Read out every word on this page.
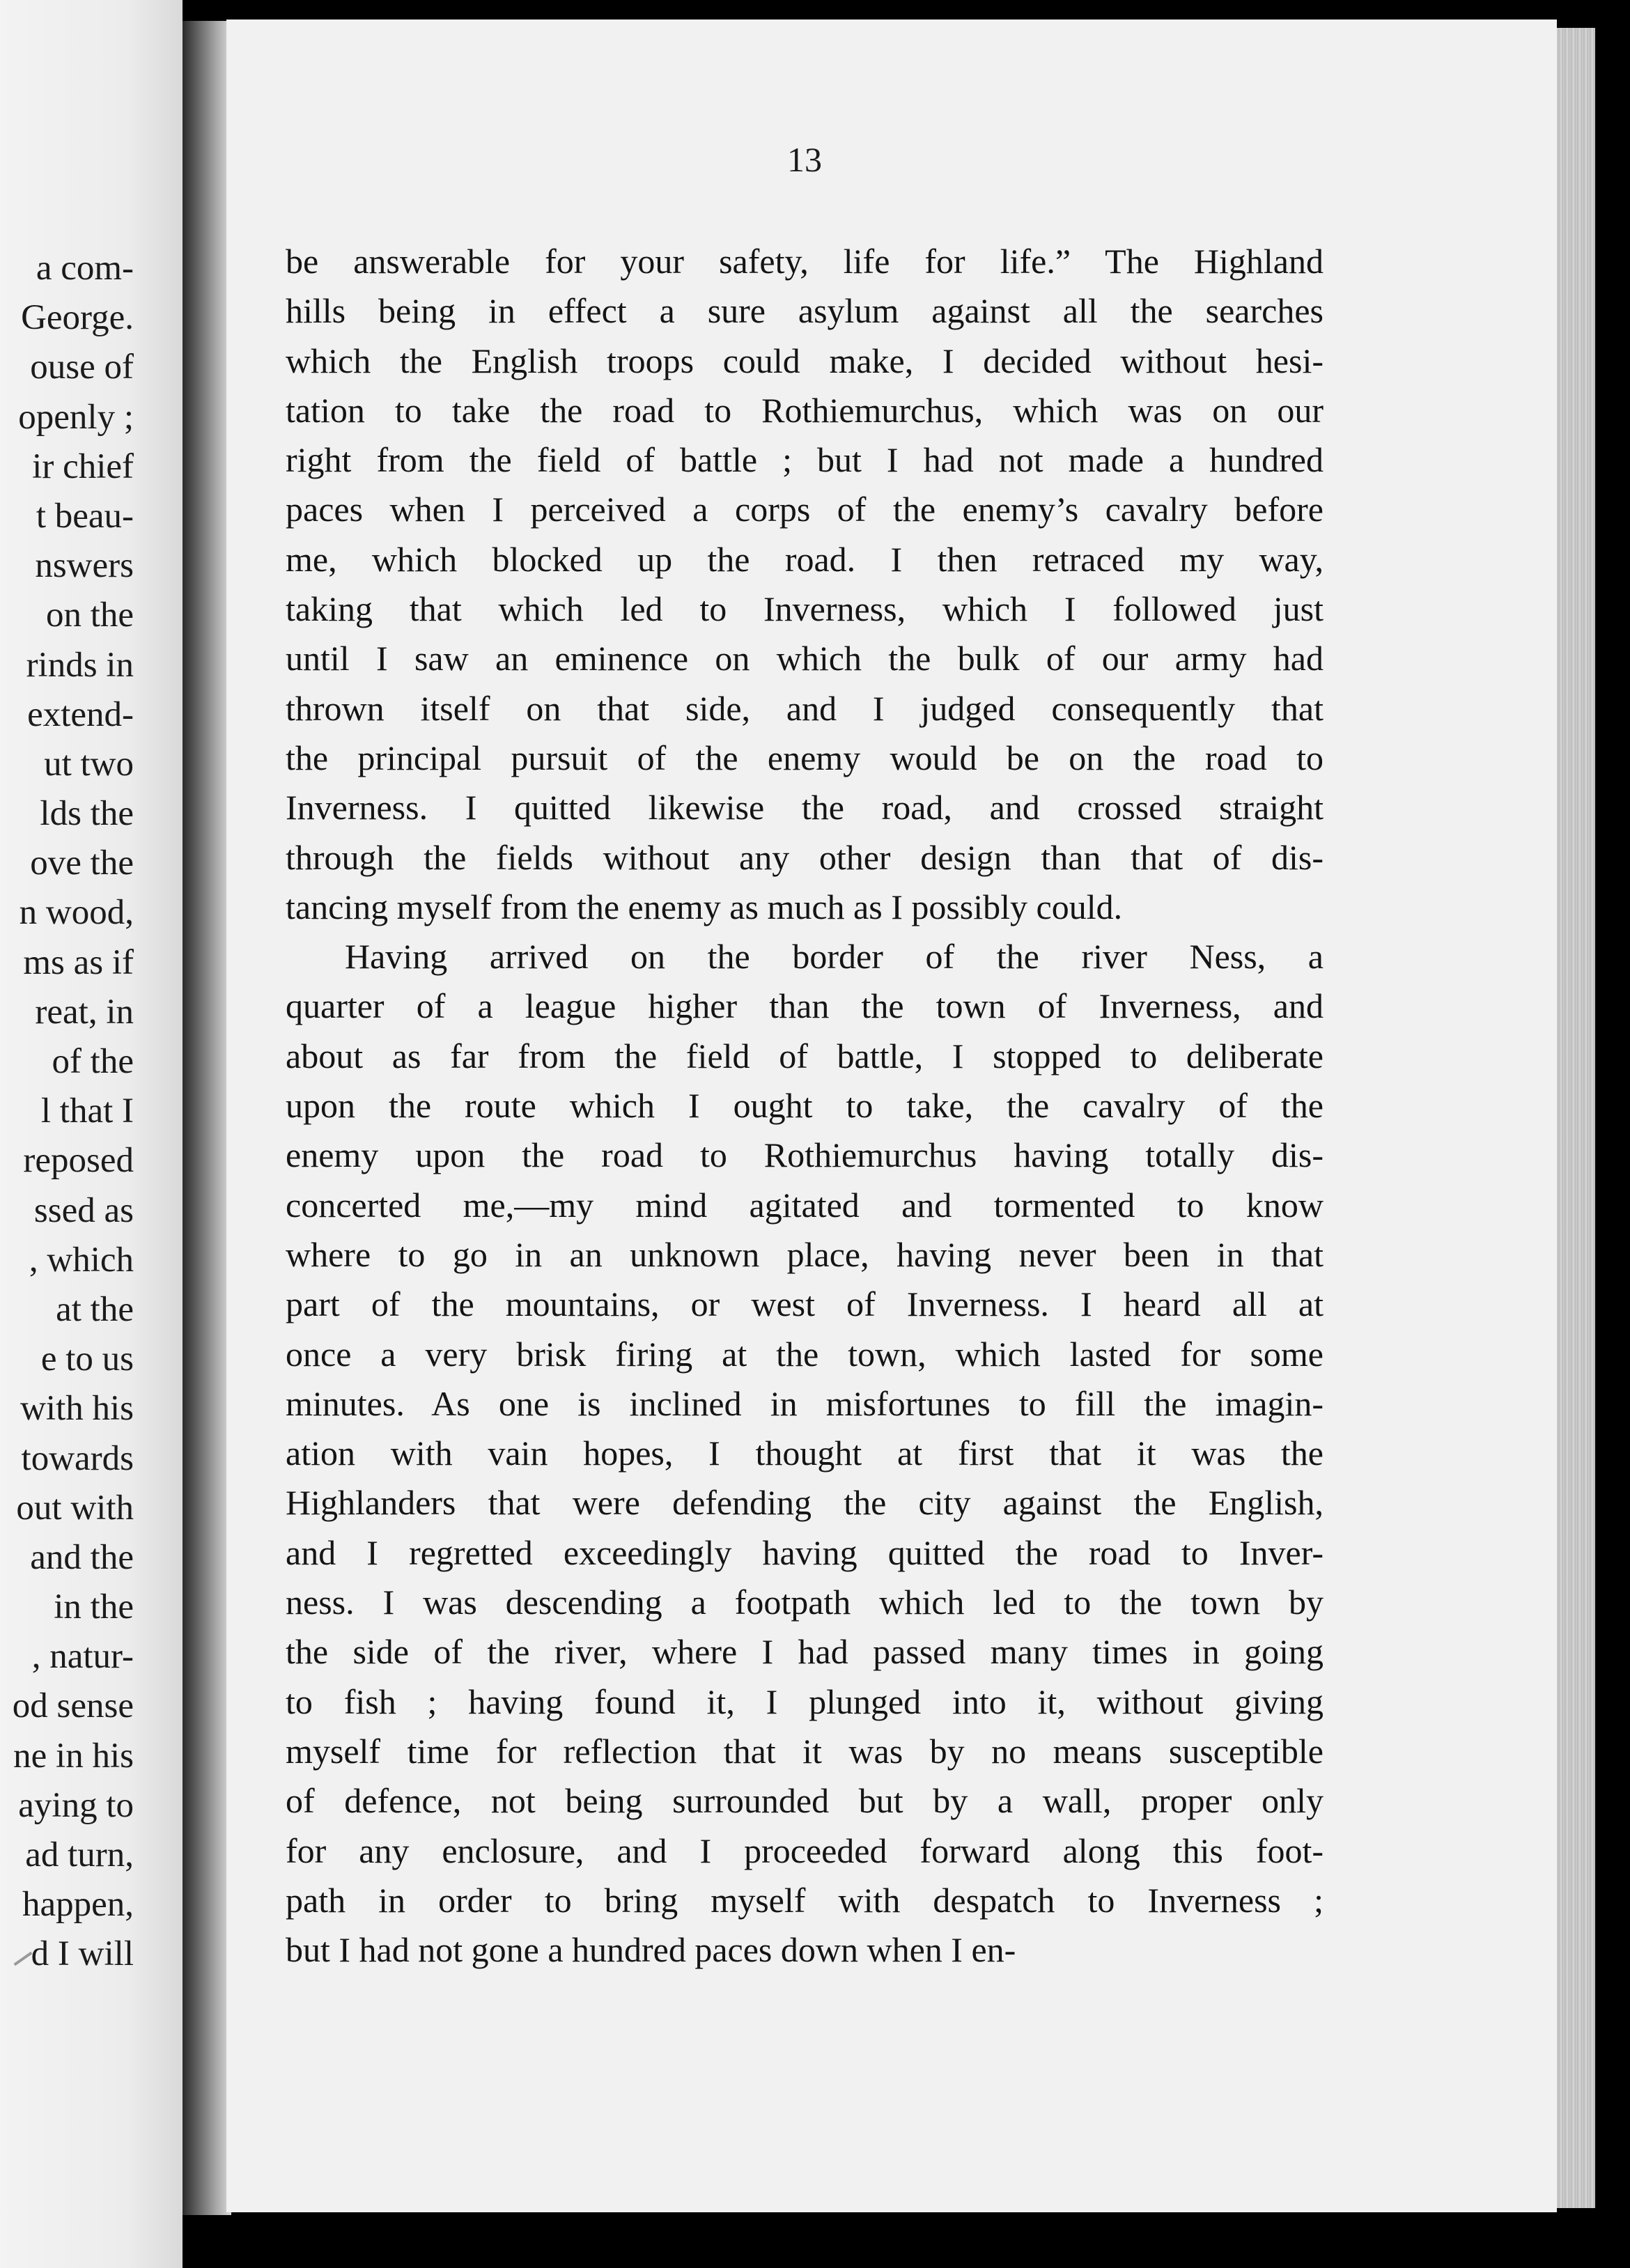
a com-
George.
ouse of
openly ;
ir chief
t beau-
nswers
on the
rinds in
extend-
ut two
lds the
ove the
n wood,
ms as if
reat, in
of the
l that I
reposed
ssed as
, which
at the
e to us
with his
towards
out with
and the
in the
, natur-
od sense
ne in his
aying to
ad turn,
happen,
d I will
13
be answerable for your safety, life for life.” The Highland
hills being in effect a sure asylum against all the searches
which the English troops could make, I decided without hesi-
tation to take the road to Rothiemurchus, which was on our
right from the field of battle ; but I had not made a hundred
paces when I perceived a corps of the enemy’s cavalry before
me, which blocked up the road. I then retraced my way,
taking that which led to Inverness, which I followed just
until I saw an eminence on which the bulk of our army had
thrown itself on that side, and I judged consequently that
the principal pursuit of the enemy would be on the road to
Inverness. I quitted likewise the road, and crossed straight
through the fields without any other design than that of dis-
tancing myself from the enemy as much as I possibly could.
Having arrived on the border of the river Ness, a
quarter of a league higher than the town of Inverness, and
about as far from the field of battle, I stopped to deliberate
upon the route which I ought to take, the cavalry of the
enemy upon the road to Rothiemurchus having totally dis-
concerted me,—my mind agitated and tormented to know
where to go in an unknown place, having never been in that
part of the mountains, or west of Inverness. I heard all at
once a very brisk firing at the town, which lasted for some
minutes. As one is inclined in misfortunes to fill the imagin-
ation with vain hopes, I thought at first that it was the
Highlanders that were defending the city against the English,
and I regretted exceedingly having quitted the road to Inver-
ness. I was descending a footpath which led to the town by
the side of the river, where I had passed many times in going
to fish ; having found it, I plunged into it, without giving
myself time for reflection that it was by no means susceptible
of defence, not being surrounded but by a wall, proper only
for any enclosure, and I proceeded forward along this foot-
path in order to bring myself with despatch to Inverness ;
but I had not gone a hundred paces down when I en-
